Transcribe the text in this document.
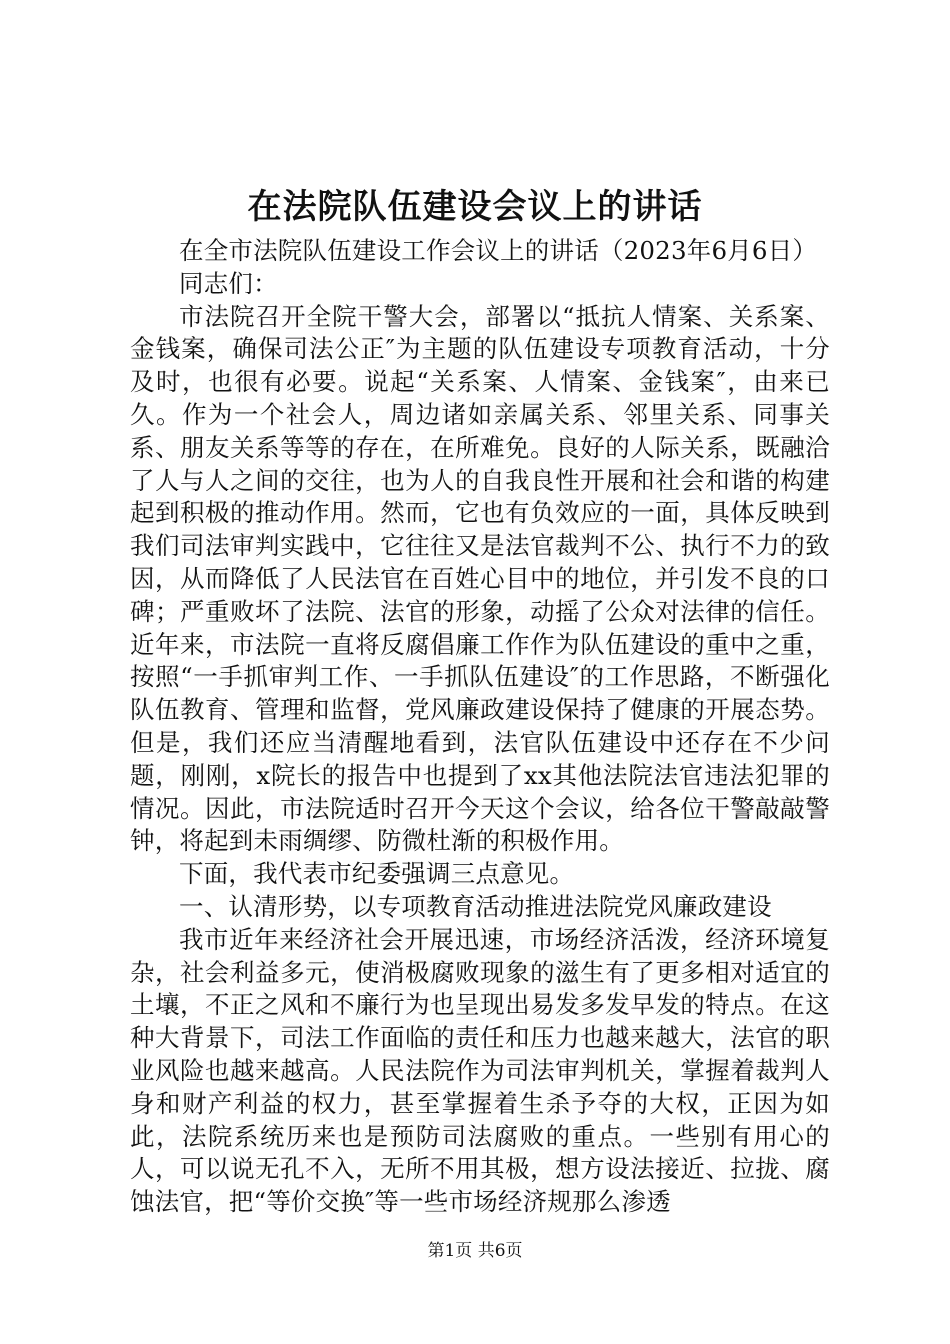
在法院队伍建设会议上的讲话

在全市法院队伍建设工作会议上的讲话（2023年6月6日）

同志们：

市法院召开全院干警大会，部署以“抵抗人情案、关系案、金钱案，确保司法公正″为主题的队伍建设专项教育活动，十分及时，也很有必要。说起“关系案、人情案、金钱案″，由来已久。作为一个社会人，周边诸如亲属关系、邻里关系、同事关系、朋友关系等等的存在，在所难免。良好的人际关系，既融洽了人与人之间的交往，也为人的自我良性开展和社会和谐的构建起到积极的推动作用。然而，它也有负效应的一面，具体反映到我们司法审判实践中，它往往又是法官裁判不公、执行不力的致因，从而降低了人民法官在百姓心目中的地位，并引发不良的口碑；严重败坏了法院、法官的形象，动摇了公众对法律的信任。近年来，市法院一直将反腐倡廉工作作为队伍建设的重中之重，按照“一手抓审判工作、一手抓队伍建设″的工作思路，不断强化队伍教育、管理和监督，党风廉政建设保持了健康的开展态势。但是，我们还应当清醒地看到，法官队伍建设中还存在不少问题，刚刚，x院长的报告中也提到了xx其他法院法官违法犯罪的情况。因此，市法院适时召开今天这个会议，给各位干警敲敲警钟，将起到未雨绸缪、防微杜渐的积极作用。

下面，我代表市纪委强调三点意见。

一、认清形势，以专项教育活动推进法院党风廉政建设

我市近年来经济社会开展迅速，市场经济活泼，经济环境复杂，社会利益多元，使消极腐败现象的滋生有了更多相对适宜的土壤，不正之风和不廉行为也呈现出易发多发早发的特点。在这种大背景下，司法工作面临的责任和压力也越来越大，法官的职业风险也越来越高。人民法院作为司法审判机关，掌握着裁判人身和财产利益的权力，甚至掌握着生杀予夺的大权，正因为如此，法院系统历来也是预防司法腐败的重点。一些别有用心的人，可以说无孔不入，无所不用其极，想方设法接近、拉拢、腐蚀法官，把“等价交换″等一些市场经济规那么渗透

第1页 共6页
